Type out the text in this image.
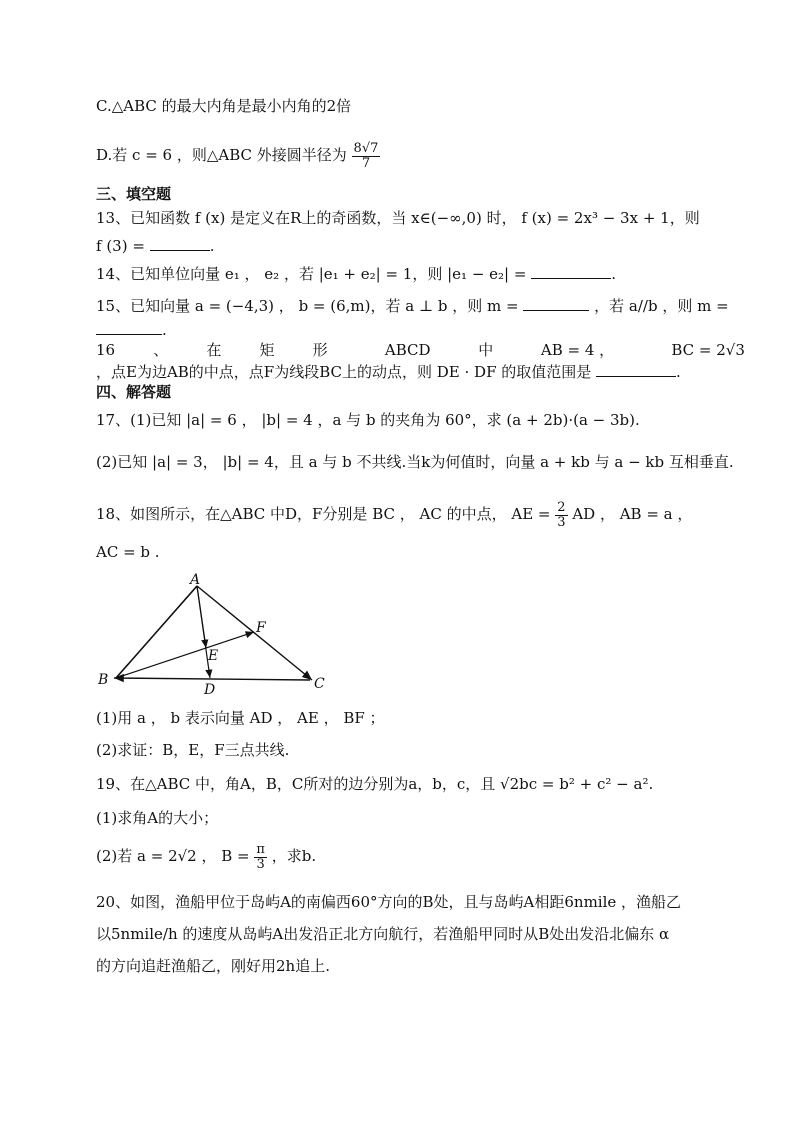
C.△ABC 的最大内角是最小内角的2倍
D.若 c = 6 ，则△ABC 外接圆半径为 $\frac{8√7}{7}$
三、填空题
13、已知函数 f (x) 是定义在R上的奇函数，当 x∈(−∞,0) 时， f (x) = 2x³ − 3x + 1，则
f (3) =	.
14、已知单位向量 e₁ ， e₂ ，若 |e₁ + e₂| = 1，则 |e₁ − e₂| =	.
15、已知向量 a = (−4,3) ， b = (6,m)，若 a ⊥ b ，则 m =	，若 a//b ，则 m =
.
16        、        在        矩        形            ABCD          中          AB = 4 ，            BC = 2√3
，点E为边AB的中点，点F为线段BC上的动点，则 DE · DF 的取值范围是	.
四、解答题
17、(1)已知 |a| = 6 ， |b| = 4 ，a 与 b 的夹角为 60°，求 (a + 2b)·(a − 3b).
(2)已知 |a| = 3， |b| = 4，且 a 与 b 不共线.当k为何值时，向量 a + kb 与 a − kb 互相垂直.
18、如图所示，在△ABC 中D，F分别是 BC ， AC 的中点， AE = $\frac{2}{3}$ AD ， AB = a ，
AC = b .
A
B	C
D
E
F
(1)用 a ， b 表示向量 AD ， AE ， BF ；
(2)求证：B，E，F三点共线.
19、在△ABC 中，角A，B，C所对的边分别为a，b，c，且 √2bc = b² + c² − a².
(1)求角A的大小；
(2)若 a = 2√2 ， $B = \frac{\pi}{3}$ ，求b.
20、如图，渔船甲位于岛屿A的南偏西60°方向的B处，且与岛屿A相距6nmile ，渔船乙
以5nmile/h 的速度从岛屿A出发沿正北方向航行，若渔船甲同时从B处出发沿北偏东 α
的方向追赶渔船乙，刚好用2h追上.
